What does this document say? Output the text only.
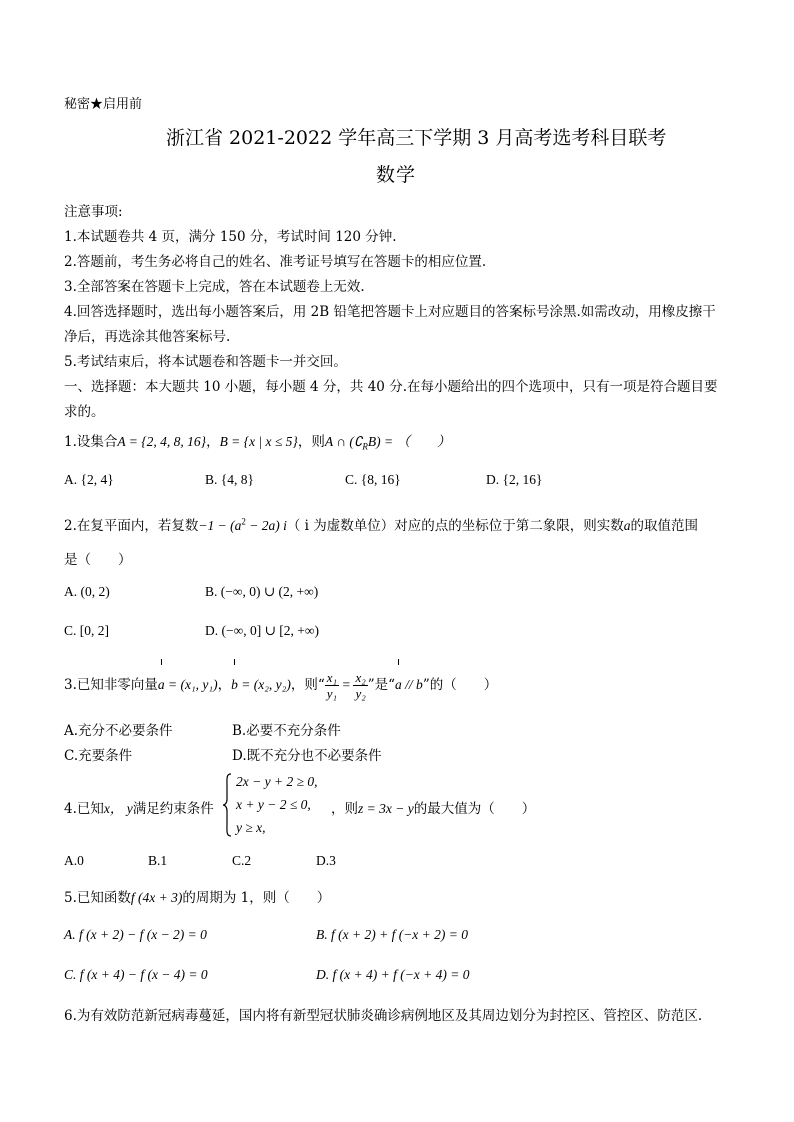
秘密★启用前
浙江省 2021-2022 学年高三下学期 3 月高考选考科目联考
数学
注意事项:
1.本试题卷共 4 页，满分 150 分，考试时间 120 分钟.
2.答题前，考生务必将自己的姓名、准考证号填写在答题卡的相应位置.
3.全部答案在答题卡上完成，答在本试题卷上无效.
4.回答选择题时，选出每小题答案后，用 2B 铅笔把答题卡上对应题目的答案标号涂黑.如需改动，用橡皮擦干
净后，再选涂其他答案标号.
5.考试结束后，将本试题卷和答题卡一并交回。
一、选择题：本大题共 10 小题，每小题 4 分，共 40 分.在每小题给出的四个选项中，只有一项是符合题目要
求的。
1.设集合A = {2, 4, 8, 16}，B = {x | x ≤ 5}，则A ∩ $(∁_RB)$ = （　　）
A. {2, 4}	B. {4, 8}	C. {8, 16}	D. {2, 16}
2.在复平面内，若复数$-1 - (a^2 - 2a)$ i（ i 为虚数单位）对应的点的坐标位于第二象限，则实数a的取值范围
是（　　）
A. (0, 2)	B. (−∞, 0) ∪ (2, +∞)
C. [0, 2]	D. (−∞, 0] ∪ [2, +∞)
3.已知非零向量a = (x₁, y₁)，b = (x₂, y₂)，则“ $\frac{\text{x₁}}{\text{y₁}} = \frac{\text{x₂}}{\text{y₂}}$ ”是“a // b”的（　　）
A.充分不必要条件	B.必要不充分条件
C.充要条件	D.既不充分也不必要条件
4.已知x， y满足约束条件
2x − y + 2 ≥ 0,
x + y − 2 ≤ 0,
y ≥ x,
，则z = 3x − y的最大值为（　　）
A.0	B.1	C.2	D.3
5.已知函数f (4x + 3)的周期为 1，则（　　）
A. f (x + 2) − f (x − 2) = 0	B. f (x + 2) + f (−x + 2) = 0
C. f (x + 4) − f (x − 4) = 0	D. f (x + 4) + f (−x + 4) = 0
6.为有效防范新冠病毒蔓延，国内将有新型冠状肺炎确诊病例地区及其周边划分为封控区、管控区、防范区.
